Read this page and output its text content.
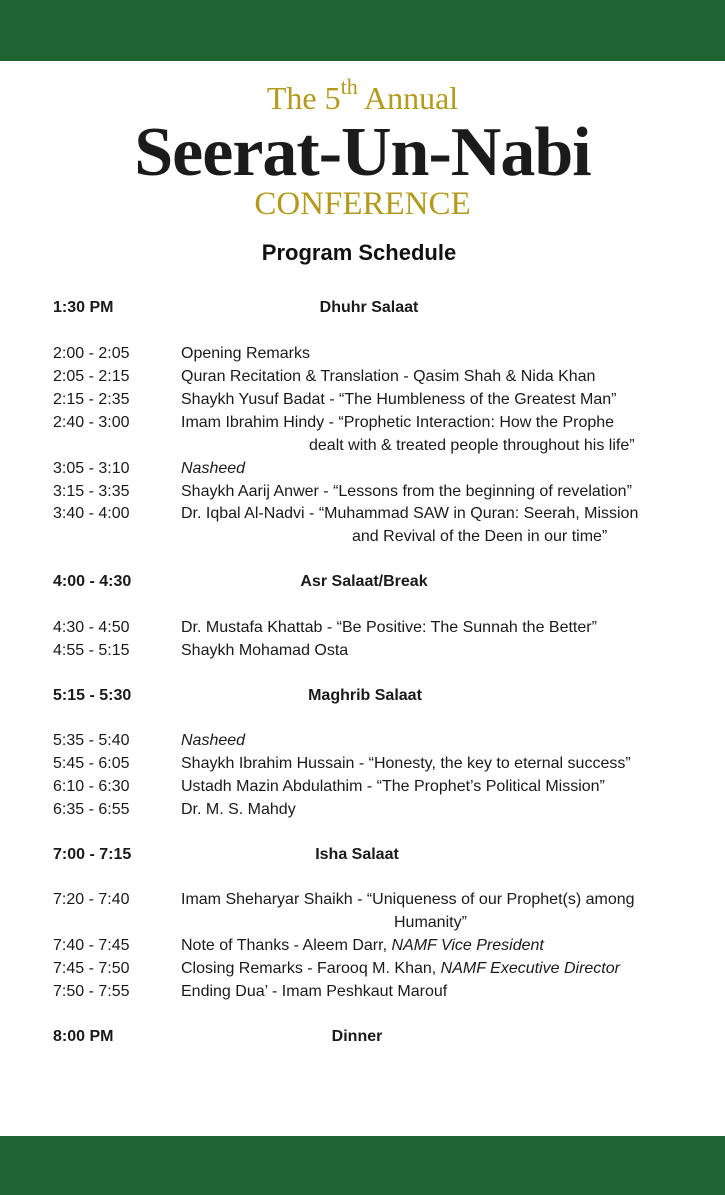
The 5th Annual
Seerat-Un-Nabi
CONFERENCE
Program Schedule
1:30 PM	Dhuhr Salaat
2:00 - 2:05	Opening Remarks
2:05 - 2:15	Quran Recitation & Translation - Qasim Shah & Nida Khan
2:15 - 2:35	Shaykh Yusuf Badat - “The Humbleness of the Greatest Man”
2:40 - 3:00	Imam Ibrahim Hindy - “Prophetic Interaction: How the Prophe
dealt with & treated people throughout his life”
3:05 - 3:10	Nasheed
3:15 - 3:35	Shaykh Aarij Anwer - “Lessons from the beginning of revelation”
3:40 - 4:00	Dr. Iqbal Al-Nadvi - “Muhammad SAW in Quran: Seerah, Mission
and Revival of the Deen in our time”
4:00 - 4:30	Asr Salaat/Break
4:30 - 4:50	Dr. Mustafa Khattab - “Be Positive: The Sunnah the Better”
4:55 - 5:15	Shaykh Mohamad Osta
5:15 - 5:30	Maghrib Salaat
5:35 - 5:40	Nasheed
5:45 - 6:05	Shaykh Ibrahim Hussain - “Honesty, the key to eternal success”
6:10 - 6:30	Ustadh Mazin Abdulathim - “The Prophet’s Political Mission”
6:35 - 6:55	Dr. M. S. Mahdy
7:00 - 7:15	Isha Salaat
7:20 - 7:40	Imam Sheharyar Shaikh - “Uniqueness of our Prophet(s) among
Humanity”
7:40 - 7:45	Note of Thanks - Aleem Darr, NAMF Vice President
7:45 - 7:50	Closing Remarks - Farooq M. Khan, NAMF Executive Director
7:50 - 7:55	Ending Dua’ - Imam Peshkaut Marouf
8:00 PM	Dinner
